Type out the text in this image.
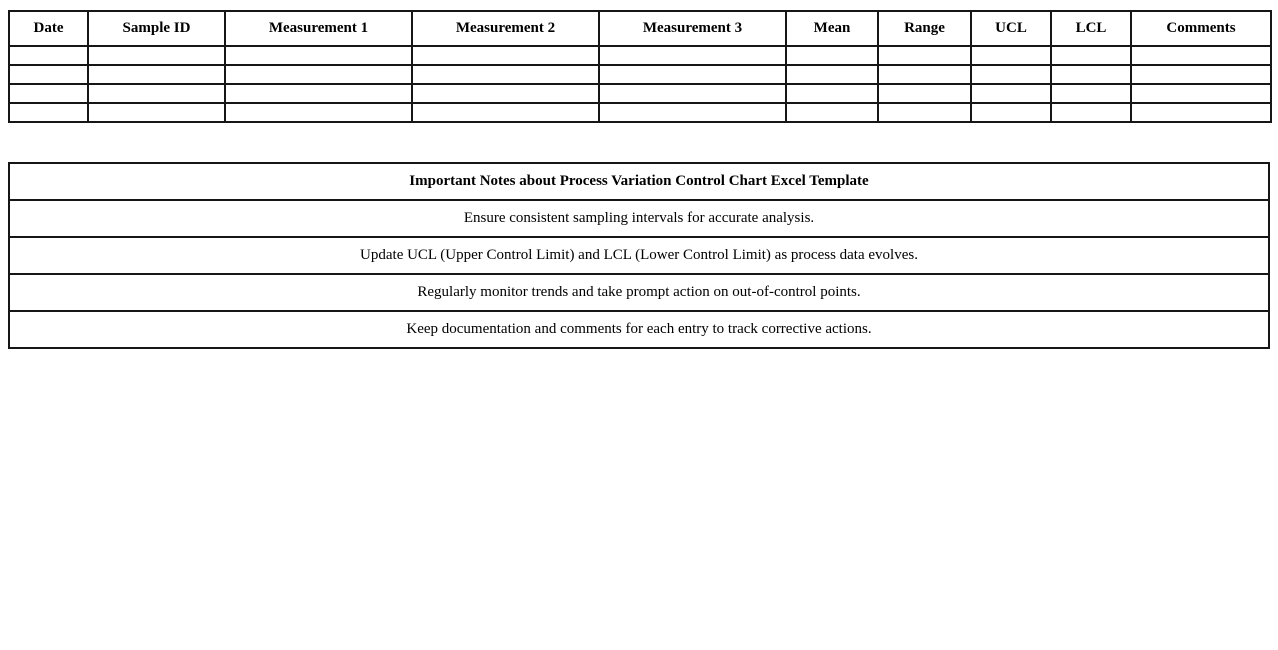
Date	Sample ID	Measurement 1	Measurement 2	Measurement 3	Mean	Range	UCL	LCL	Comments

Important Notes about Process Variation Control Chart Excel Template
Ensure consistent sampling intervals for accurate analysis.
Update UCL (Upper Control Limit) and LCL (Lower Control Limit) as process data evolves.
Regularly monitor trends and take prompt action on out-of-control points.
Keep documentation and comments for each entry to track corrective actions.
